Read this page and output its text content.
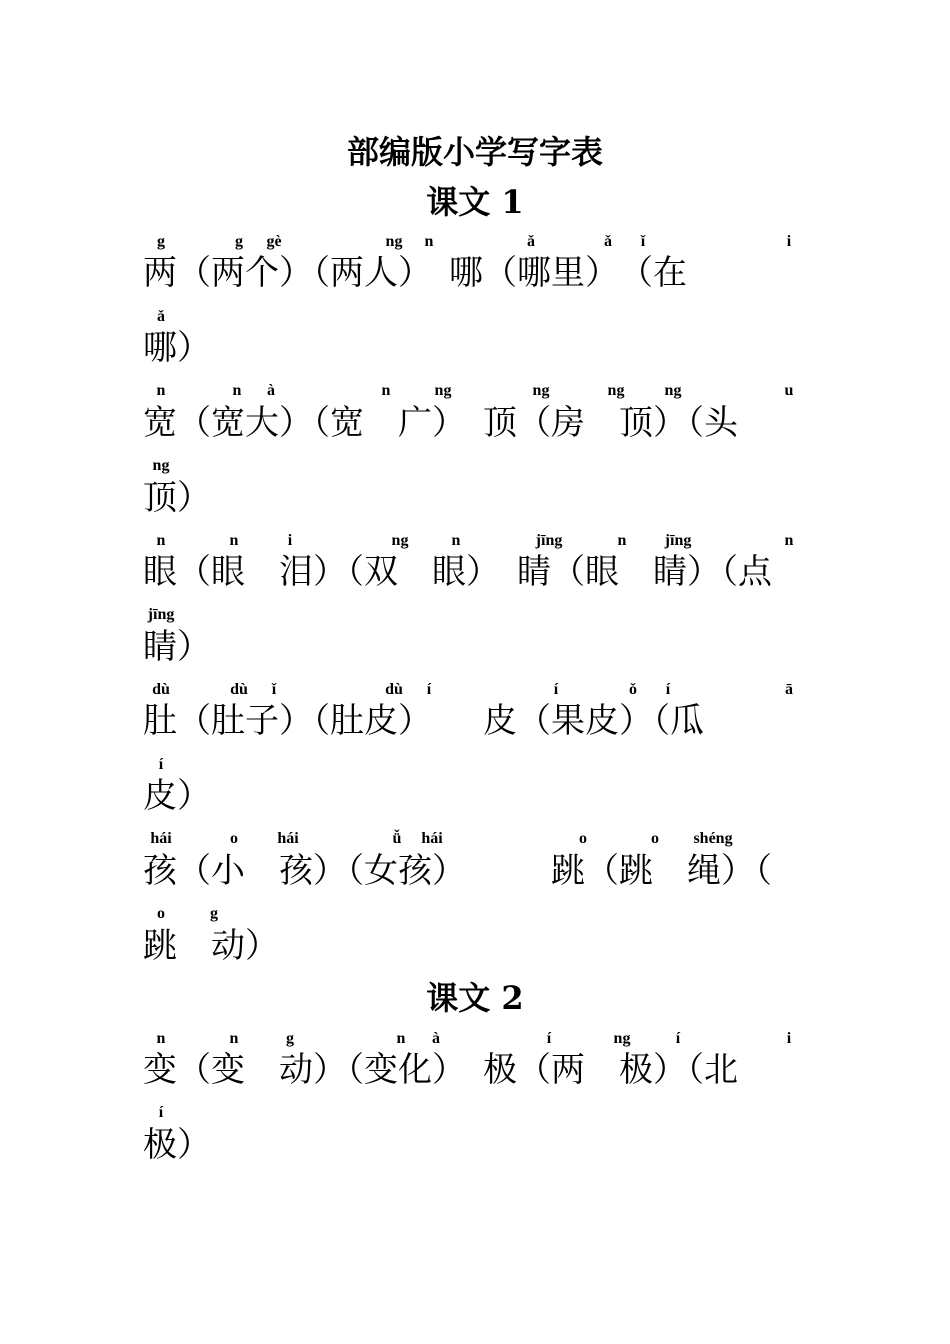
部编版小学写字表
课文 1
g	g gè	ng n	ǎ	ǎ ǐ	i
两（两个）（两人）　哪（哪里）　（在
ǎ
哪）
n	n à	n	ng	ng	ng	ng	u
宽（宽大）（宽　广）　顶（房　顶）（头
ng
顶）
n	n	i	ng	n	jīng	n jīng	n
眼（眼　泪）（双　眼）　睛（眼　睛）（点
jīng
睛）
dù	dù ǐ	dù í	í	ǒ í	ā
肚（肚子）（肚皮）　　皮（果皮）（瓜
í
皮）
hái	o hái	ǚ hái	o	o shéng
孩（小　孩）（女孩）　　　跳（跳　绳）（
o	g
跳　动）
课文 2
n	n	g	n à	í	ng	í	i
变（变　动）（变化）　极（两　极）（北
í
极）
